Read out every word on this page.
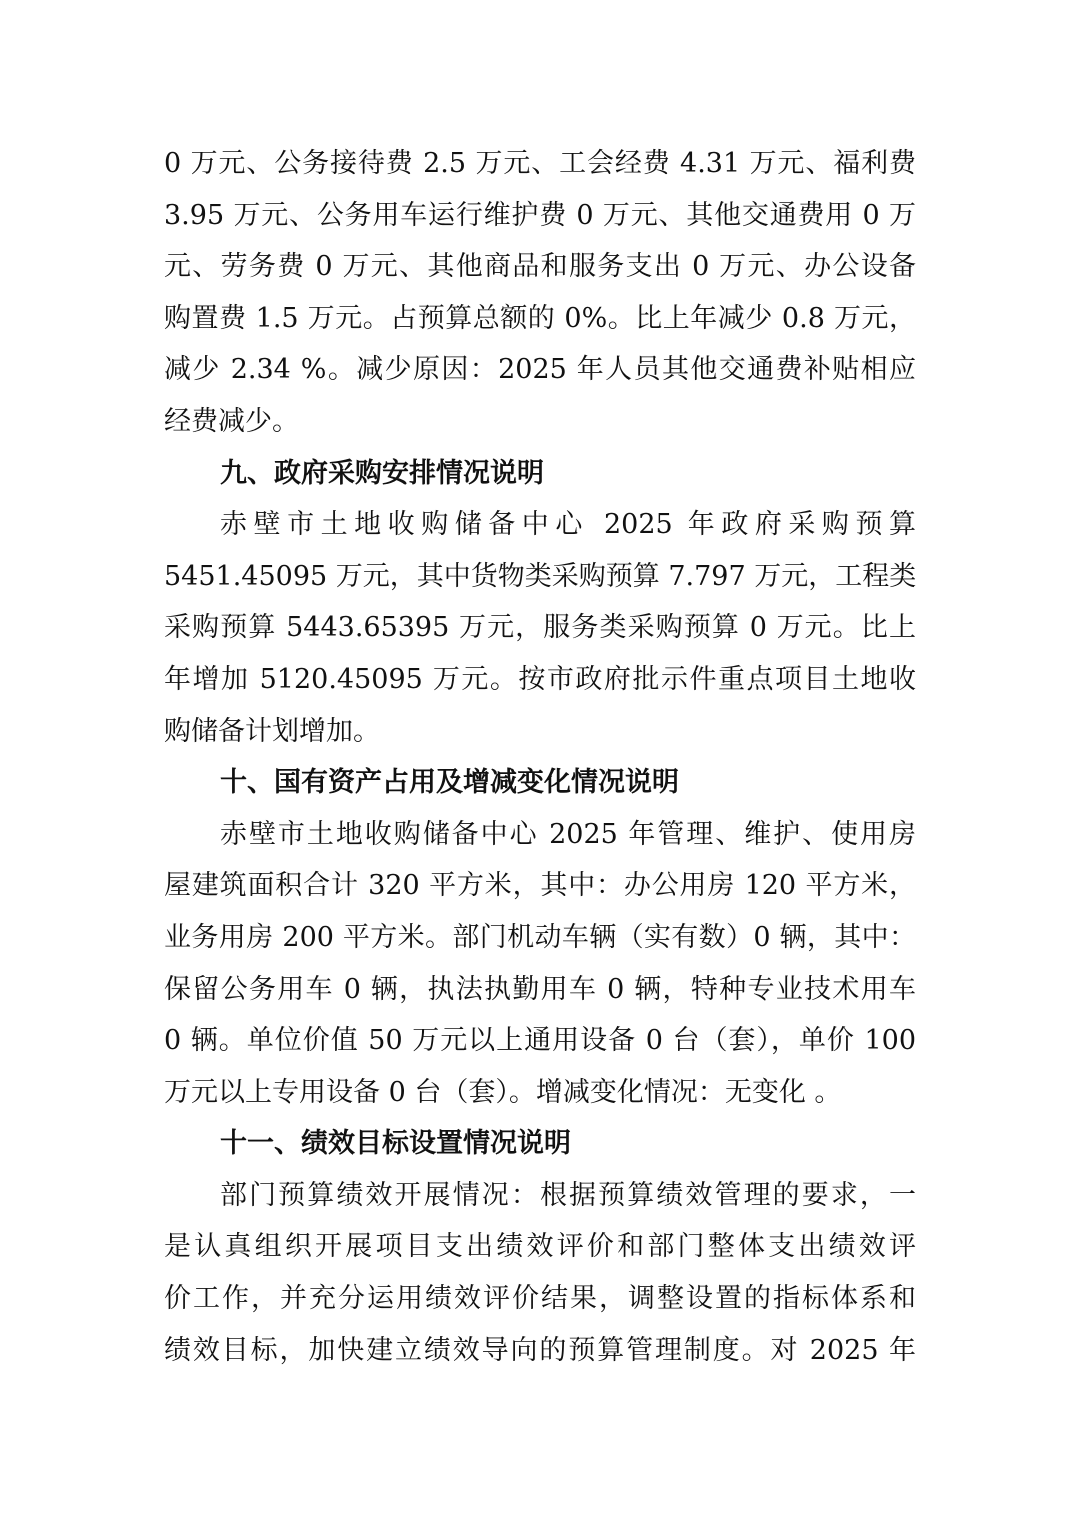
0 万元、公务接待费 2.5 万元、工会经费 4.31 万元、福利费
3.95 万元、公务用车运行维护费 0 万元、其他交通费用 0 万
元、劳务费 0 万元、其他商品和服务支出 0 万元、办公设备
购置费 1.5 万元。占预算总额的 0%。比上年减少 0.8 万元，
减少 2.34 %。减少原因：2025 年人员其他交通费补贴相应
经费减少。
九、政府采购安排情况说明
赤壁市土地收购储备中心 2025 年政府采购预算
5451.45095 万元，其中货物类采购预算 7.797 万元，工程类
采购预算 5443.65395 万元，服务类采购预算 0 万元。比上
年增加 5120.45095 万元。按市政府批示件重点项目土地收
购储备计划增加。
十、国有资产占用及增减变化情况说明
赤壁市土地收购储备中心 2025 年管理、维护、使用房
屋建筑面积合计 320 平方米，其中：办公用房 120 平方米，
业务用房 200 平方米。部门机动车辆（实有数）0 辆，其中：
保留公务用车 0 辆，执法执勤用车 0 辆，特种专业技术用车
0 辆。单位价值 50 万元以上通用设备 0 台（套），单价 100
万元以上专用设备 0 台（套）。增减变化情况：无变化 。
十一、绩效目标设置情况说明
部门预算绩效开展情况：根据预算绩效管理的要求，一
是认真组织开展项目支出绩效评价和部门整体支出绩效评
价工作，并充分运用绩效评价结果，调整设置的指标体系和
绩效目标，加快建立绩效导向的预算管理制度。对 2025 年
